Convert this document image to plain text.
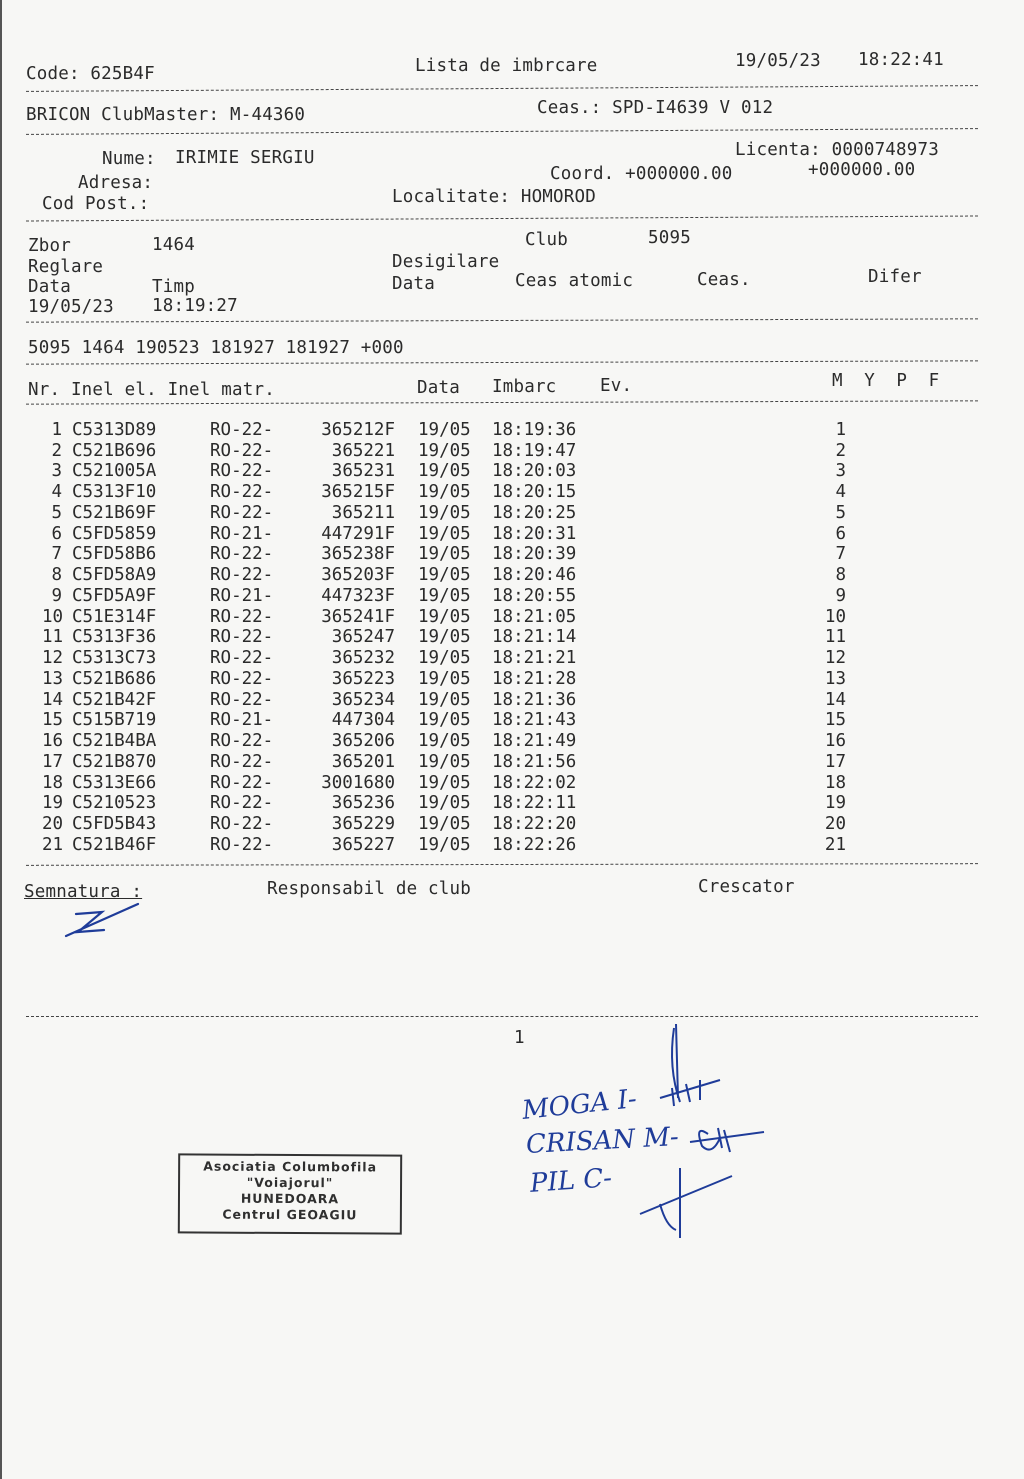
Code: 625B4F	Lista de imbrcare	19/05/23 18:22:41
BRICON ClubMaster: M-44360	Ceas.: SPD-I4639 V 012
Nume: IRIMIE SERGIU	Licenta: 0000748973
Adresa:	Coord. +000000.00	+000000.00
Cod Post.:	Localitate: HOMOROD
Zbor	1464	Club	5095
Reglare	Desigilare
Data	Timp	Data	Ceas atomic	Ceas.	Difer
19/05/23 18:19:27
5095 1464 190523 181927 181927 +000
Nr. Inel el. Inel matr.	Data Imbarc Ev.	M  Y  P  F
1 C5313D89	RO-22-	365212F 19/05	18:19:36	1
2 C521B696	RO-22-	365221 19/05	18:19:47	2
3 C521005A	RO-22-	365231 19/05	18:20:03	3
4 C5313F10	RO-22-	365215F 19/05	18:20:15	4
5 C521B69F	RO-22-	365211 19/05	18:20:25	5
6 C5FD5859	RO-21-	447291F 19/05	18:20:31	6
7 C5FD58B6	RO-22-	365238F 19/05	18:20:39	7
8 C5FD58A9	RO-22-	365203F 19/05	18:20:46	8
9 C5FD5A9F	RO-21-	447323F 19/05	18:20:55	9
10 C51E314F	RO-22-	365241F 19/05	18:21:05	10
11 C5313F36	RO-22-	365247 19/05	18:21:14	11
12 C5313C73	RO-22-	365232 19/05	18:21:21	12
13 C521B686	RO-22-	365223 19/05	18:21:28	13
14 C521B42F	RO-22-	365234 19/05	18:21:36	14
15 C515B719	RO-21-	447304 19/05	18:21:43	15
16 C521B4BA	RO-22-	365206 19/05	18:21:49	16
17 C521B870	RO-22-	365201 19/05	18:21:56	17
18 C5313E66	RO-22-	3001680 19/05	18:22:02	18
19 C5210523	RO-22-	365236 19/05	18:22:11	19
20 C5FD5B43	RO-22-	365229 19/05	18:22:20	20
21 C521B46F	RO-22-	365227 19/05	18:22:26	21
Semnatura :	Responsabil de club	Crescator
1
MOGA I-
CRISAN M-
PIL C-
Asociatia Columbofila
"Voiajorul"
HUNEDOARA
Centrul GEOAGIU
